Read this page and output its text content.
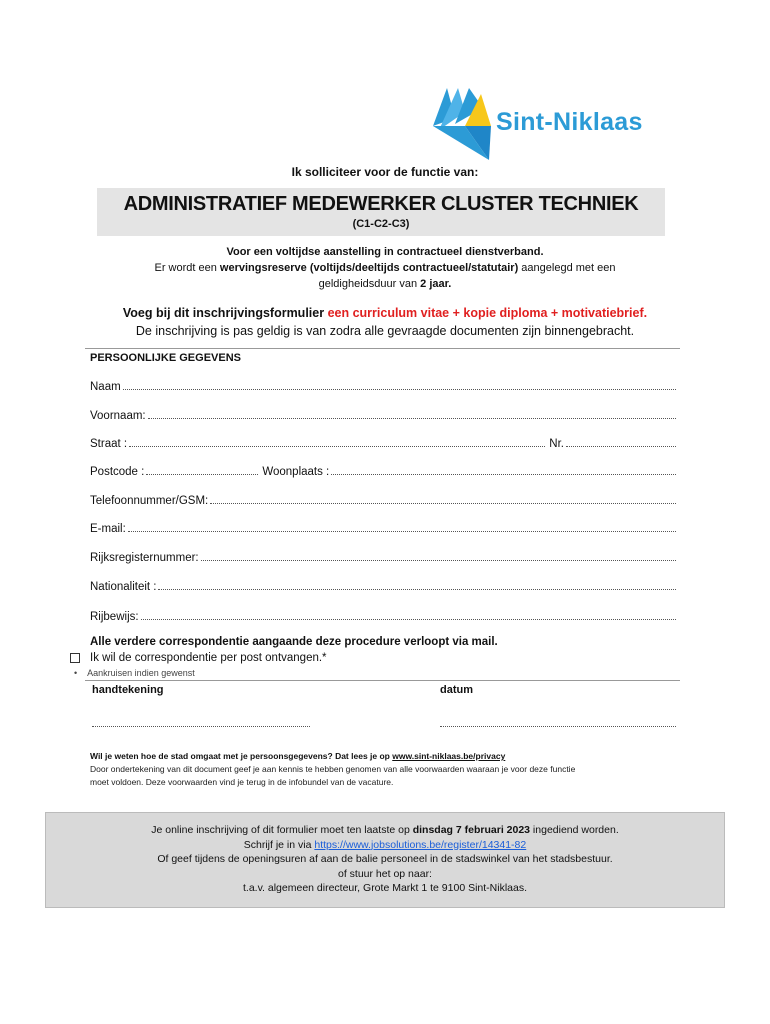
Sint-Niklaas
Ik solliciteer voor de functie van:
ADMINISTRATIEF MEDEWERKER CLUSTER TECHNIEK
(C1-C2-C3)
Voor een voltijdse aanstelling in contractueel dienstverband.
Er wordt een wervingsreserve (voltijds/deeltijds contractueel/statutair) aangelegd met een
geldigheidsduur van 2 jaar.
Voeg bij dit inschrijvingsformulier een curriculum vitae + kopie diploma + motivatiebrief.
De inschrijving is pas geldig is van zodra alle gevraagde documenten zijn binnengebracht.
PERSOONLIJKE GEGEVENS
Naam
Voornaam:
Straat :	Nr.
Postcode :	Woonplaats :
Telefoonnummer/GSM:
E-mail:
Rijksregisternummer:
Nationaliteit :
Rijbewijs:
Alle verdere correspondentie aangaande deze procedure verloopt via mail.
Ik wil de correspondentie per post ontvangen.*
• Aankruisen indien gewenst
handtekening	datum
Wil je weten hoe de stad omgaat met je persoonsgegevens? Dat lees je op www.sint-niklaas.be/privacy
Door ondertekening van dit document geef je aan kennis te hebben genomen van alle voorwaarden waaraan je voor deze functie
moet voldoen. Deze voorwaarden vind je terug in de infobundel van de vacature.
Je online inschrijving of dit formulier moet ten laatste op dinsdag 7 februari 2023 ingediend worden.
Schrijf je in via https://www.jobsolutions.be/register/14341-82
Of geef tijdens de openingsuren af aan de balie personeel in de stadswinkel van het stadsbestuur.
of stuur het op naar:
t.a.v. algemeen directeur, Grote Markt 1 te 9100 Sint-Niklaas.
